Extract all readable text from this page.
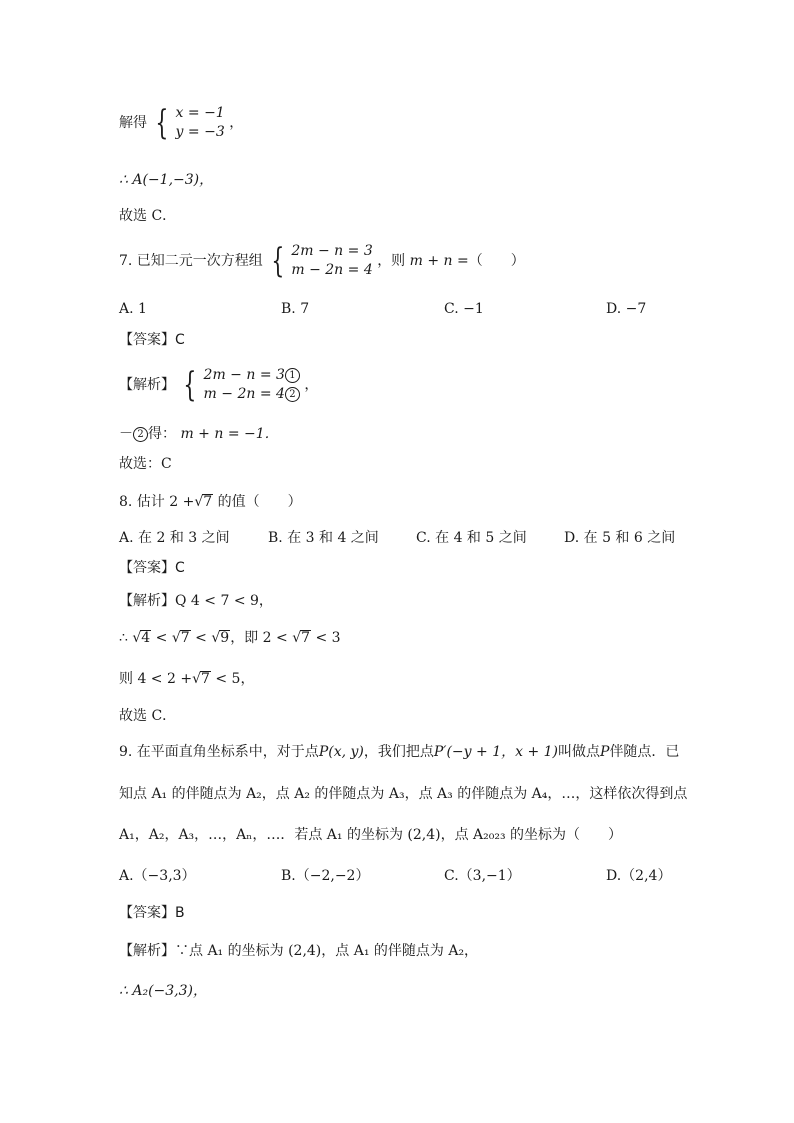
解得 { x = −1
y = −3
，
∴ A(−1,−3)，
故选 C．
7. 已知二元一次方程组 { 2m − n = 3
m − 2n = 4
，则 m + n =（　　）
A. 1	B. 7	C. −1	D. −7
【答案】C
【解析】 { 2m − n = 3 1
m − 2n = 4 2
，
－ 2 得： m + n = −1．
故选：C
8. 估计 2 +√7 的值（　　）
A. 在 2 和 3 之间	B. 在 3 和 4 之间	C. 在 4 和 5 之间	D. 在 5 和 6 之间
【答案】C
【解析】Q 4 < 7 < 9，
∴ √4 < √7 < √9，即 2 < √7 < 3
则 4 < 2 +√7 < 5，
故选 C．
9. 在平面直角坐标系中，对于点P(x, y)，我们把点P′(−y + 1，x + 1)叫做点P伴随点．已
知点 A₁ 的伴随点为 A₂，点 A₂ 的伴随点为 A₃，点 A₃ 的伴随点为 A₄，…，这样依次得到点
A₁，A₂，A₃，…，Aₙ，…．若点 A₁ 的坐标为 (2,4)，点 A₂₀₂₃ 的坐标为（　　）
A.（−3,3）	B.（−2,−2）	C.（3,−1）	D.（2,4）
【答案】B
【解析】∵点 A₁ 的坐标为 (2,4)，点 A₁ 的伴随点为 A₂，
∴ A₂(−3,3)，
